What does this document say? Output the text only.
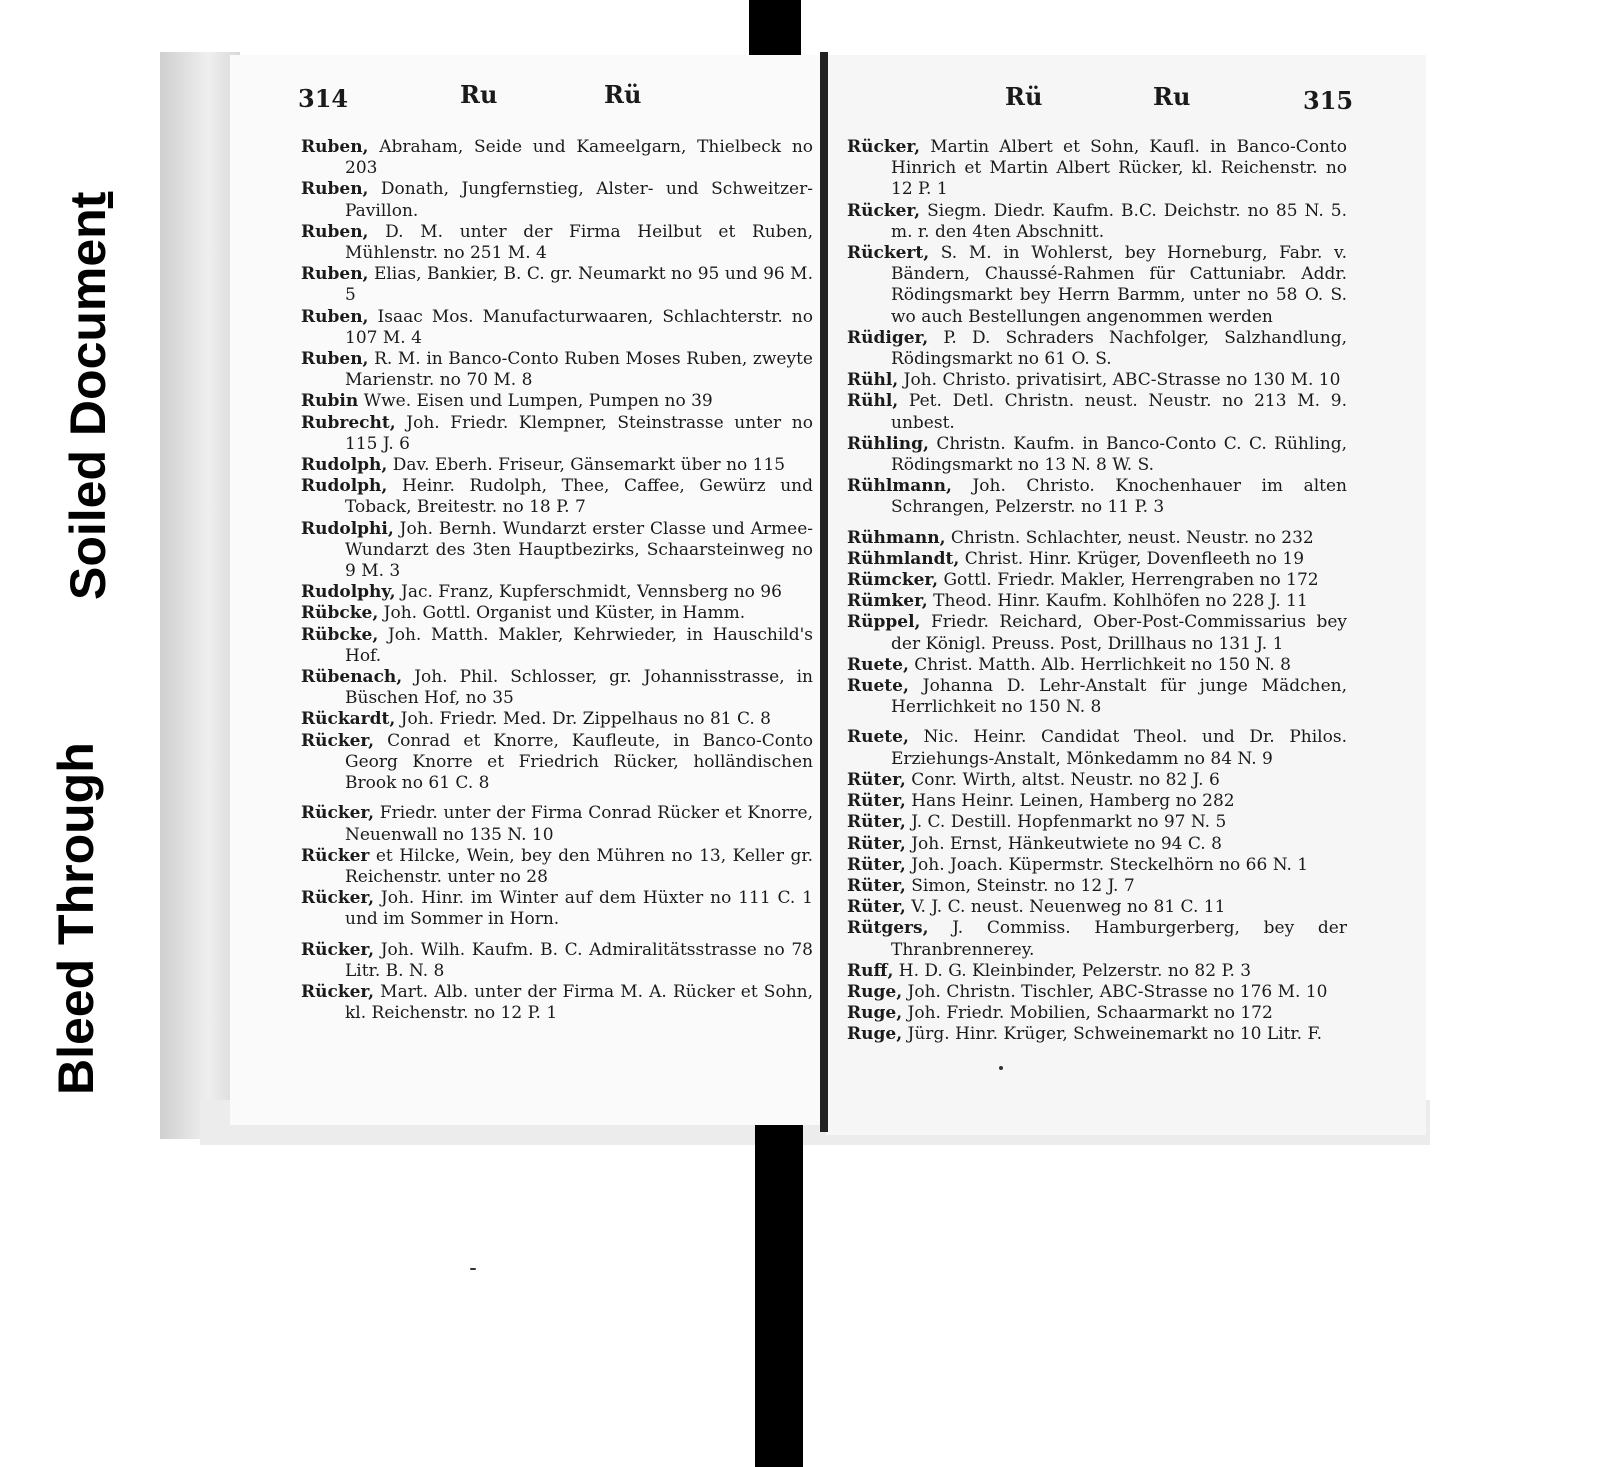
Soiled Document
Bleed Through
314	Ru	Rü	Rü	Ru	315
Ruben, Abraham, Seide und Kameelgarn, Thielbeck no 203
Ruben, Donath, Jungfernstieg, Alster- und Schweitzer-Pavillon.
Ruben, D. M. unter der Firma Heilbut et Ruben, Mühlenstr. no 251 M. 4
Ruben, Elias, Bankier, B. C. gr. Neumarkt no 95 und 96 M. 5
Ruben, Isaac Mos. Manufacturwaaren, Schlachterstr. no 107 M. 4
Ruben, R. M. in Banco-Conto Ruben Moses Ruben, zweyte Marienstr. no 70 M. 8
Rubin Wwe. Eisen und Lumpen, Pumpen no 39
Rubrecht, Joh. Friedr. Klempner, Steinstrasse unter no 115 J. 6
Rudolph, Dav. Eberh. Friseur, Gänsemarkt über no 115
Rudolph, Heinr. Rudolph, Thee, Caffee, Gewürz und Toback, Breitestr. no 18 P. 7
Rudolphi, Joh. Bernh. Wundarzt erster Classe und Armee-Wundarzt des 3ten Hauptbezirks, Schaarsteinweg no 9 M. 3
Rudolphy, Jac. Franz, Kupferschmidt, Vennsberg no 96
Rübcke, Joh. Gottl. Organist und Küster, in Hamm.
Rübcke, Joh. Matth. Makler, Kehrwieder, in Hauschild's Hof.
Rübenach, Joh. Phil. Schlosser, gr. Johannisstrasse, in Büschen Hof, no 35
Rückardt, Joh. Friedr. Med. Dr. Zippelhaus no 81 C. 8
Rücker, Conrad et Knorre, Kaufleute, in Banco-Conto Georg Knorre et Friedrich Rücker, holländischen Brook no 61 C. 8
Rücker, Friedr. unter der Firma Conrad Rücker et Knorre, Neuenwall no 135 N. 10
Rücker et Hilcke, Wein, bey den Mühren no 13, Keller gr. Reichenstr. unter no 28
Rücker, Joh. Hinr. im Winter auf dem Hüxter no 111 C. 1 und im Sommer in Horn.
Rücker, Joh. Wilh. Kaufm. B. C. Admiralitätsstrasse no 78 Litr. B. N. 8
Rücker, Mart. Alb. unter der Firma M. A. Rücker et Sohn, kl. Reichenstr. no 12 P. 1
Rücker, Martin Albert et Sohn, Kaufl. in Banco-Conto Hinrich et Martin Albert Rücker, kl. Reichenstr. no 12 P. 1
Rücker, Siegm. Diedr. Kaufm. B.C. Deichstr. no 85 N. 5. m. r. den 4ten Abschnitt.
Rückert, S. M. in Wohlerst, bey Horneburg, Fabr. v. Bändern, Chaussé-Rahmen für Cattuniabr. Addr. Rödingsmarkt bey Herrn Barmm, unter no 58 O. S. wo auch Bestellungen angenommen werden
Rüdiger, P. D. Schraders Nachfolger, Salzhandlung, Rödingsmarkt no 61 O. S.
Rühl, Joh. Christo. privatisirt, ABC-Strasse no 130 M. 10
Rühl, Pet. Detl. Christn. neust. Neustr. no 213 M. 9. unbest.
Rühling, Christn. Kaufm. in Banco-Conto C. C. Rühling, Rödingsmarkt no 13 N. 8 W. S.
Rühlmann, Joh. Christo. Knochenhauer im alten Schrangen, Pelzerstr. no 11 P. 3
Rühmann, Christn. Schlachter, neust. Neustr. no 232
Rühmlandt, Christ. Hinr. Krüger, Dovenfleeth no 19
Rümcker, Gottl. Friedr. Makler, Herrengraben no 172
Rümker, Theod. Hinr. Kaufm. Kohlhöfen no 228 J. 11
Rüppel, Friedr. Reichard, Ober-Post-Commissarius bey der Königl. Preuss. Post, Drillhaus no 131 J. 1
Ruete, Christ. Matth. Alb. Herrlichkeit no 150 N. 8
Ruete, Johanna D. Lehr-Anstalt für junge Mädchen, Herrlichkeit no 150 N. 8
Ruete, Nic. Heinr. Candidat Theol. und Dr. Philos. Erziehungs-Anstalt, Mönkedamm no 84 N. 9
Rüter, Conr. Wirth, altst. Neustr. no 82 J. 6
Rüter, Hans Heinr. Leinen, Hamberg no 282
Rüter, J. C. Destill. Hopfenmarkt no 97 N. 5
Rüter, Joh. Ernst, Hänkeutwiete no 94 C. 8
Rüter, Joh. Joach. Küpermstr. Steckelhörn no 66 N. 1
Rüter, Simon, Steinstr. no 12 J. 7
Rüter, V. J. C. neust. Neuenweg no 81 C. 11
Rütgers, J. Commiss. Hamburgerberg, bey der Thranbrennerey.
Ruff, H. D. G. Kleinbinder, Pelzerstr. no 82 P. 3
Ruge, Joh. Christn. Tischler, ABC-Strasse no 176 M. 10
Ruge, Joh. Friedr. Mobilien, Schaarmarkt no 172
Ruge, Jürg. Hinr. Krüger, Schweinemarkt no 10 Litr. F.
